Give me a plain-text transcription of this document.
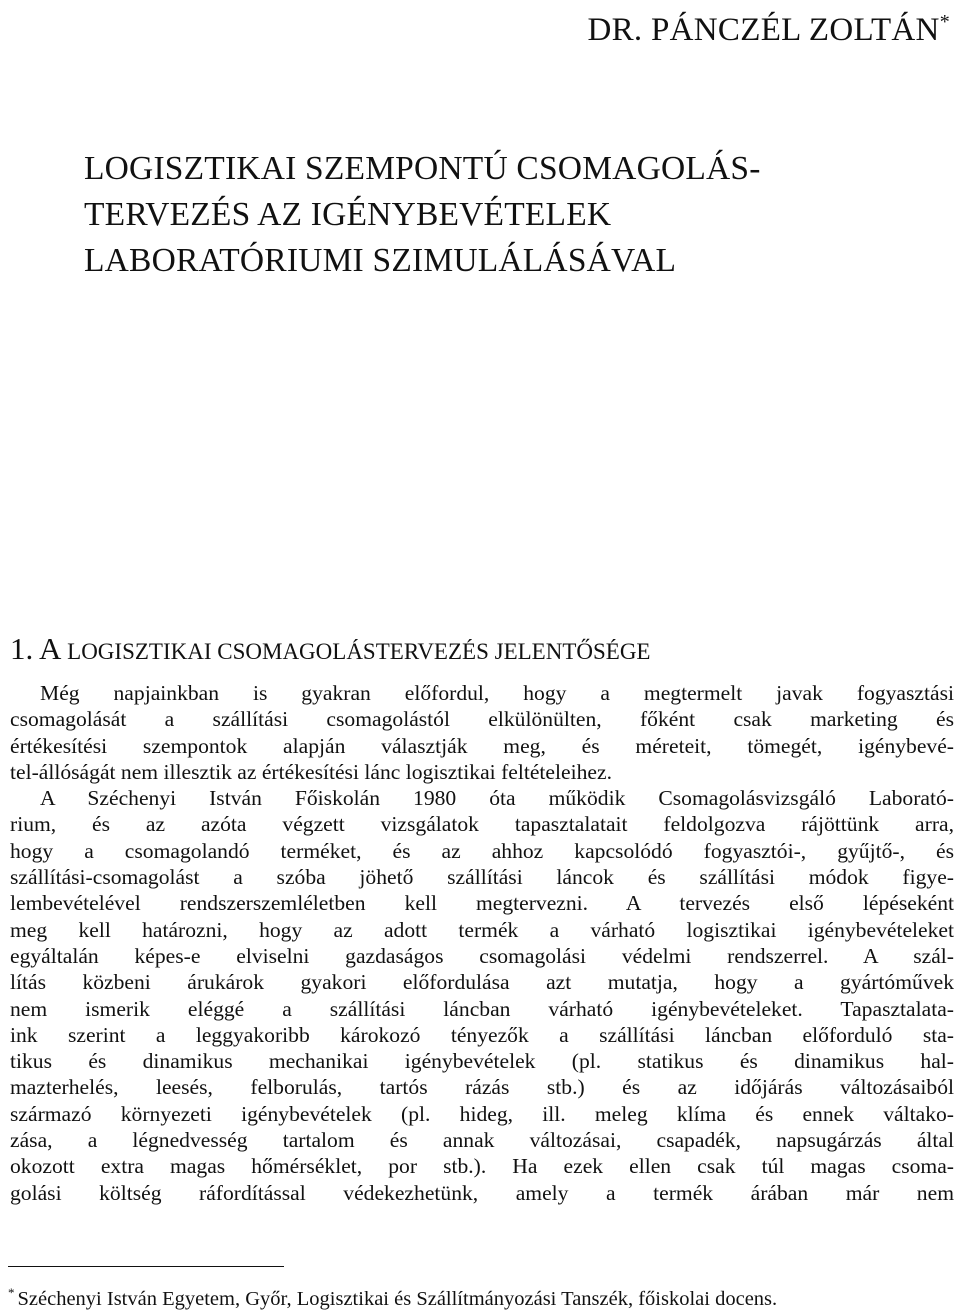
DR. PÁNCZÉL ZOLTÁN*
LOGISZTIKAI SZEMPONTÚ CSOMAGOLÁS-
TERVEZÉS AZ IGÉNYBEVÉTELEK
LABORATÓRIUMI SZIMULÁLÁSÁVAL
1. A LOGISZTIKAI CSOMAGOLÁSTERVEZÉS JELENTŐSÉGE
Még napjainkban is gyakran előfordul, hogy a megtermelt javak fogyasztási
csomagolását a szállítási csomagolástól elkülönülten, főként csak marketing és
értékesítési szempontok alapján választják meg, és méreteit, tömegét, igénybevé-
tel-állóságát nem illesztik az értékesítési lánc logisztikai feltételeihez.
A Széchenyi István Főiskolán 1980 óta működik Csomagolásvizsgáló Laborató-
rium, és az azóta végzett vizsgálatok tapasztalatait feldolgozva rájöttünk arra,
hogy a csomagolandó terméket, és az ahhoz kapcsolódó fogyasztói-, gyűjtő-, és
szállítási-csomagolást a szóba jöhető szállítási láncok és szállítási módok figye-
lembevételével rendszerszemléletben kell megtervezni. A tervezés első lépéseként
meg kell határozni, hogy az adott termék a várható logisztikai igénybevételeket
egyáltalán képes-e elviselni gazdaságos csomagolási védelmi rendszerrel. A szál-
lítás közbeni árukárok gyakori előfordulása azt mutatja, hogy a gyártóművek
nem ismerik eléggé a szállítási láncban várható igénybevételeket. Tapasztalata-
ink szerint a leggyakoribb károkozó tényezők a szállítási láncban előforduló sta-
tikus és dinamikus mechanikai igénybevételek (pl. statikus és dinamikus hal-
mazterhelés, leesés, felborulás, tartós rázás stb.) és az időjárás változásaiból
származó környezeti igénybevételek (pl. hideg, ill. meleg klíma és ennek váltako-
zása, a légnedvesség tartalom és annak változásai, csapadék, napsugárzás által
okozott extra magas hőmérséklet, por stb.). Ha ezek ellen csak túl magas csoma-
golási költség ráfordítással védekezhetünk, amely a termék árában már nem
* Széchenyi István Egyetem, Győr, Logisztikai és Szállítmányozási Tanszék, főiskolai docens.
